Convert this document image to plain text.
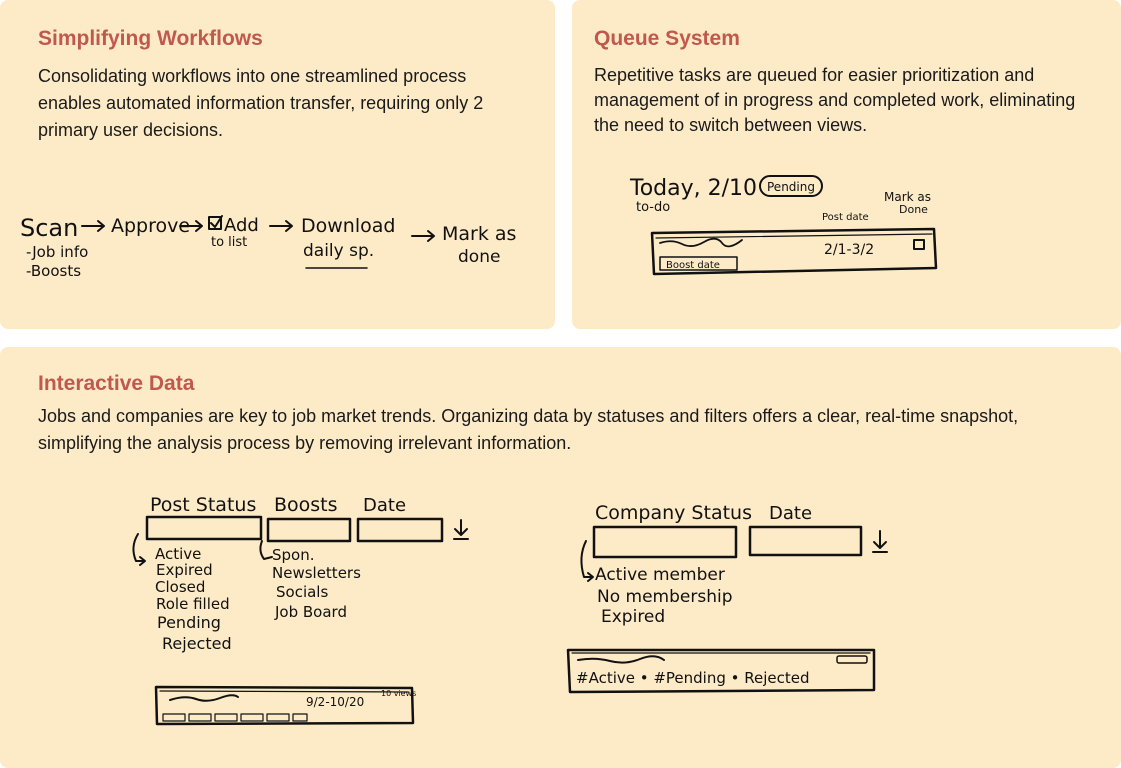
Simplifying Workflows

Consolidating workflows into one streamlined process enables automated information transfer, requiring only 2 primary user decisions.

Scan
-Job info
-Boosts
Approve Add
to list
Download
daily sp.
Mark as
done
Queue System

Repetitive tasks are queued for easier prioritization and management of in progress and completed work, eliminating the need to switch between views.

Today, 2/10
to-do
Pending
Post date
Mark as
Done
Boost date
2/1-3/2
Interactive Data

Jobs and companies are key to job market trends. Organizing data by statuses and filters offers a clear, real-time snapshot, simplifying the analysis process by removing irrelevant information.

Post Status Boosts Date
Active
Expired
Closed
Role filled
Pending
Rejected
Spon.
Newsletters
Socials
Job Board
9/2-10/20
10 views
Company Status Date
Active member
No membership
Expired
#Active • #Pending • Rejected
